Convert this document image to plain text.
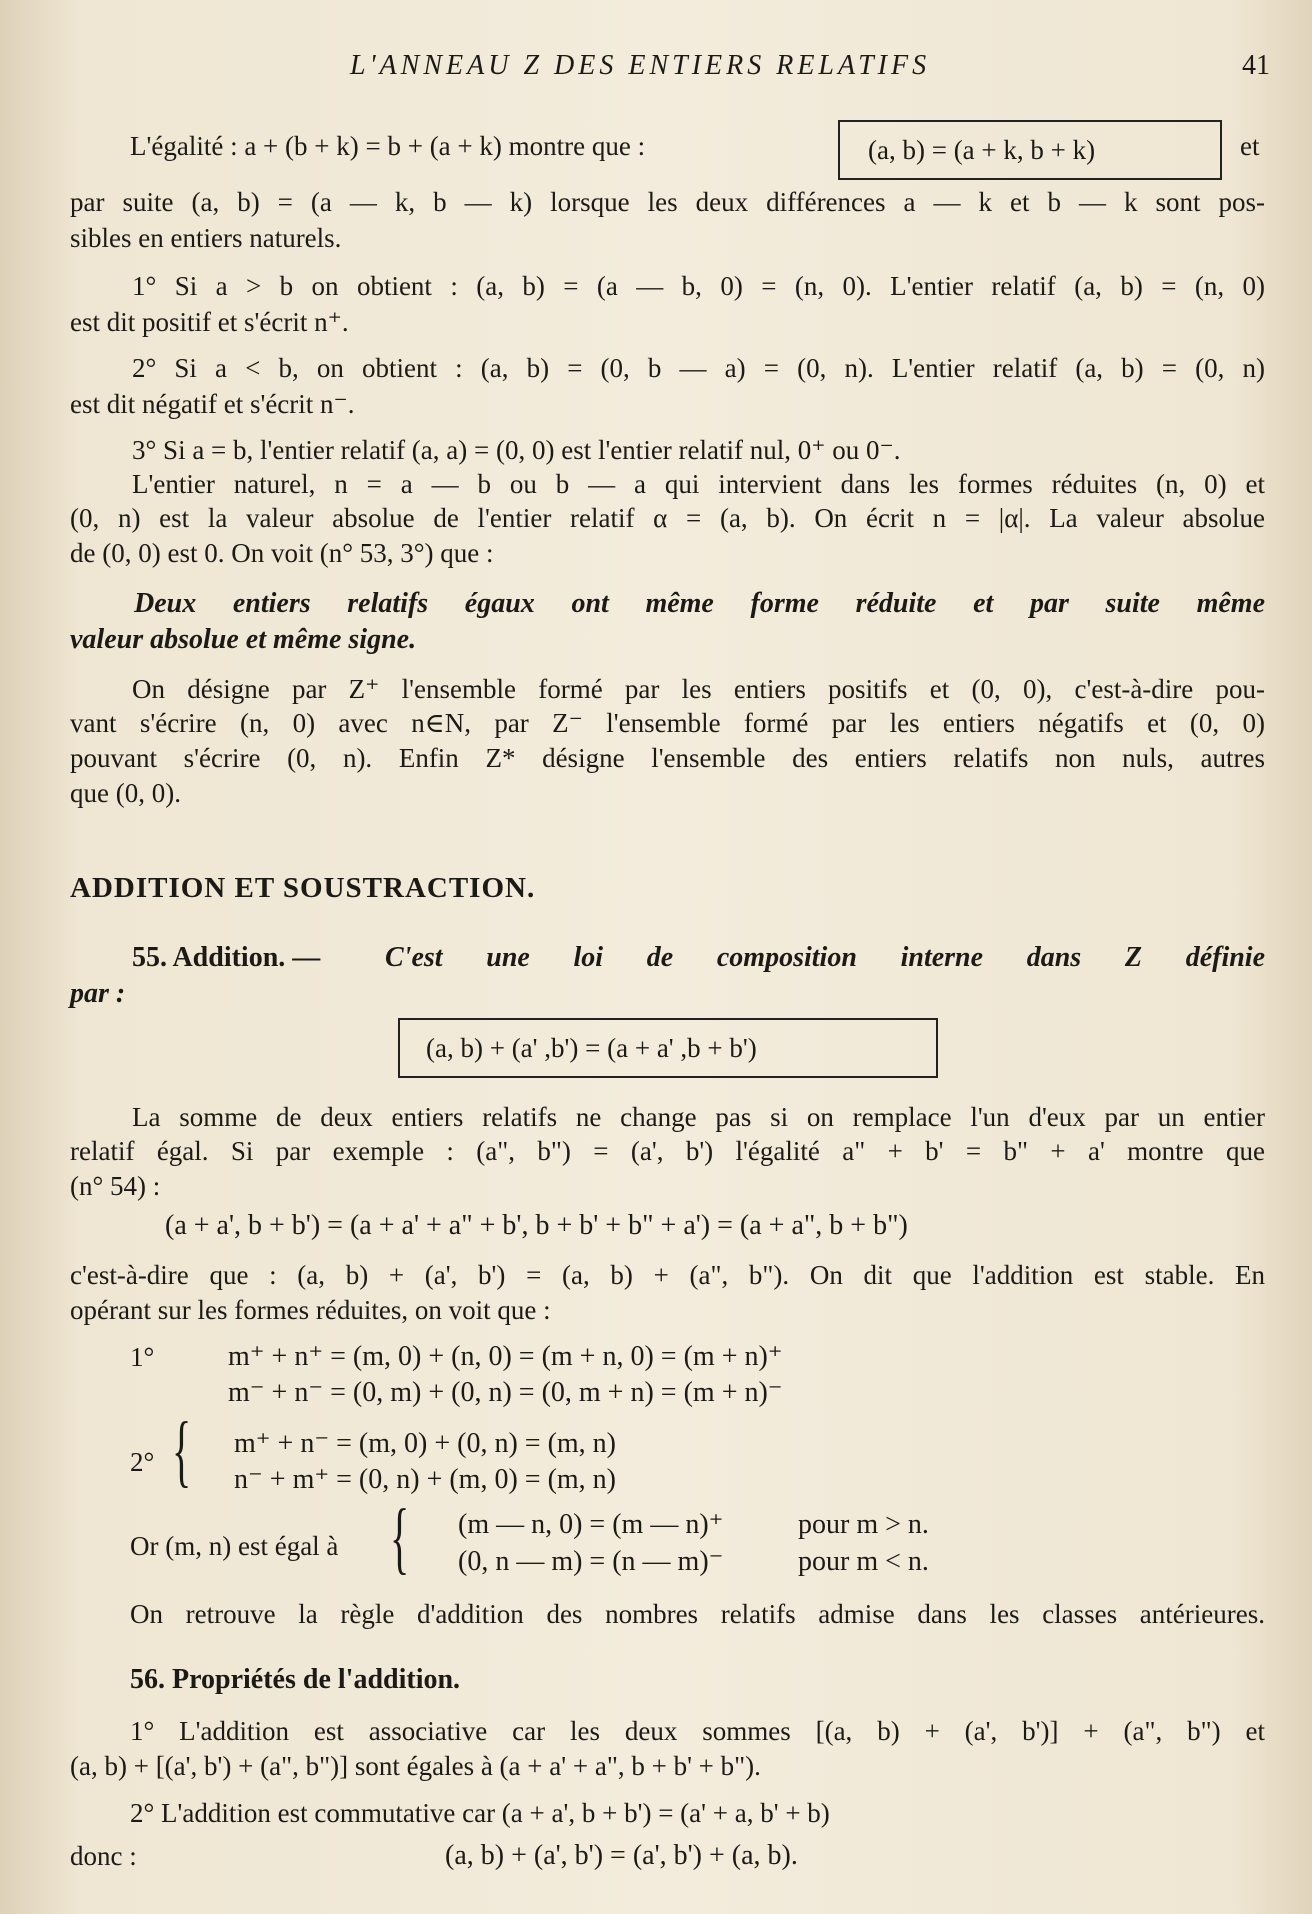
L'ANNEAU Z DES ENTIERS RELATIFS	41
L'égalité : a + (b + k) = b + (a + k) montre que :	(a, b) = (a + k, b + k)	et
par suite (a, b) = (a — k, b — k) lorsque les deux différences a — k et b — k sont pos-
sibles en entiers naturels.
1° Si a > b on obtient : (a, b) = (a — b, 0) = (n, 0). L'entier relatif (a, b) = (n, 0)
est dit positif et s'écrit n⁺.
2° Si a < b, on obtient : (a, b) = (0, b — a) = (0, n). L'entier relatif (a, b) = (0, n)
est dit négatif et s'écrit n⁻.
3° Si a = b, l'entier relatif (a, a) = (0, 0) est l'entier relatif nul, 0⁺ ou 0⁻.
L'entier naturel, n = a — b ou b — a qui intervient dans les formes réduites (n, 0) et
(0, n) est la valeur absolue de l'entier relatif α = (a, b). On écrit n = |α|. La valeur absolue
de (0, 0) est 0. On voit (n° 53, 3°) que :
Deux entiers relatifs égaux ont même forme réduite et par suite même
valeur absolue et même signe.
On désigne par Z⁺ l'ensemble formé par les entiers positifs et (0, 0), c'est-à-dire pou-
vant s'écrire (n, 0) avec n∈N, par Z⁻ l'ensemble formé par les entiers négatifs et (0, 0)
pouvant s'écrire (0, n). Enfin Z* désigne l'ensemble des entiers relatifs non nuls, autres
que (0, 0).
ADDITION ET SOUSTRACTION.
55. Addition. — C'est une loi de composition interne dans Z définie
par :
(a, b) + (a' ,b') = (a + a' ,b + b')
La somme de deux entiers relatifs ne change pas si on remplace l'un d'eux par un entier
relatif égal. Si par exemple : (a", b") = (a', b') l'égalité a" + b' = b" + a' montre que
(n° 54) :
(a + a', b + b') = (a + a' + a" + b', b + b' + b" + a') = (a + a", b + b")
c'est-à-dire que : (a, b) + (a', b') = (a, b) + (a", b"). On dit que l'addition est stable. En
opérant sur les formes réduites, on voit que :
1°	m⁺ + n⁺ = (m, 0) + (n, 0) = (m + n, 0) = (m + n)⁺
m⁻ + n⁻ = (0, m) + (0, n) = (0, m + n) = (m + n)⁻
2° { m⁺ + n⁻ = (m, 0) + (0, n) = (m, n)
n⁻ + m⁺ = (0, n) + (m, 0) = (m, n)
Or (m, n) est égal à { (m — n, 0) = (m — n)⁺	pour m > n.
(0, n — m) = (n — m)⁻	pour m < n.
On retrouve la règle d'addition des nombres relatifs admise dans les classes antérieures.
56. Propriétés de l'addition.
1° L'addition est associative car les deux sommes [(a, b) + (a', b')] + (a", b") et
(a, b) + [(a', b') + (a", b")] sont égales à (a + a' + a", b + b' + b").
2° L'addition est commutative car (a + a', b + b') = (a' + a, b' + b)
donc :	(a, b) + (a', b') = (a', b') + (a, b).
